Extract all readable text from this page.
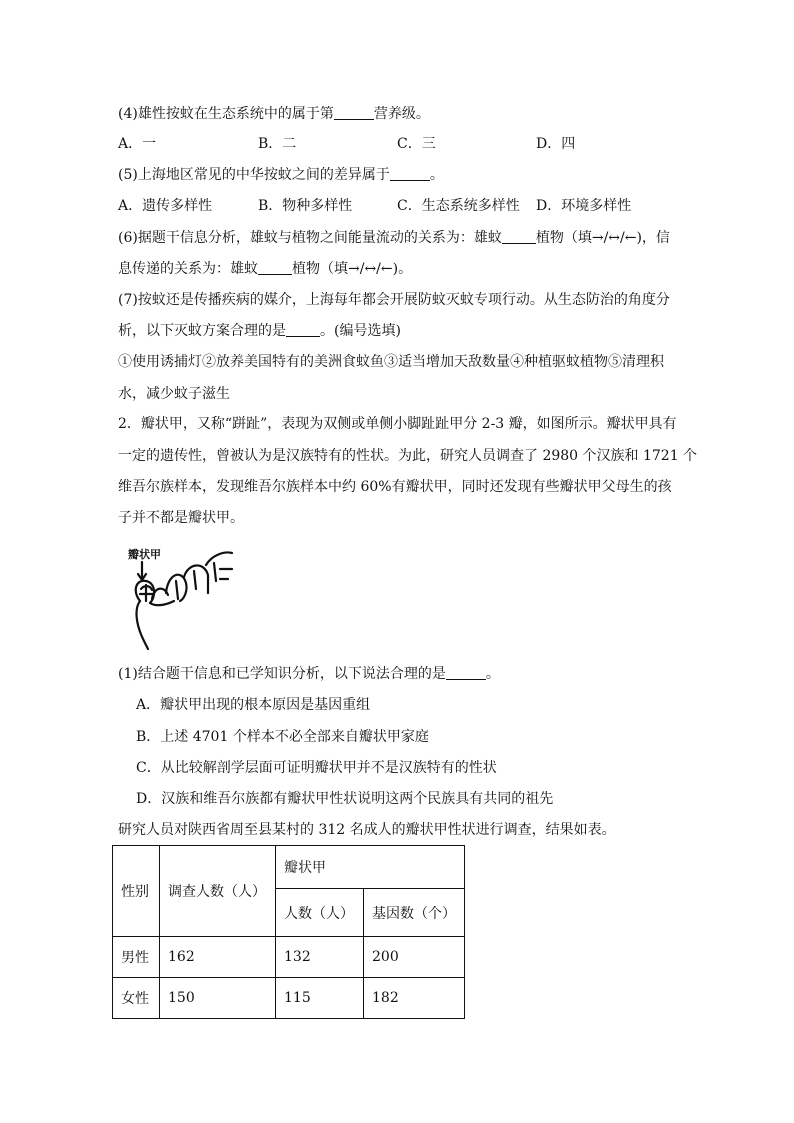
(4)雄性按蚊在生态系统中的属于第	营养级。
A．一	B．二	C．三	D．四
(5)上海地区常见的中华按蚊之间的差异属于	。
A．遗传多样性	B．物种多样性	C．生态系统多样性 D．环境多样性
(6)据题干信息分析，雄蚊与植物之间能量流动的关系为：雄蚊 植物（填→/↔/←)，信
息传递的关系为：雄蚊 植物（填→/↔/←)。
(7)按蚊还是传播疾病的媒介，上海每年都会开展防蚊灭蚊专项行动。从生态防治的角度分
析，以下灭蚊方案合理的是 。(编号选填)
①使用诱捕灯②放养美国特有的美洲食蚊鱼③适当增加天敌数量④种植驱蚊植物⑤清理积
水，减少蚊子滋生
2．瓣状甲，又称“跰趾”，表现为双侧或单侧小脚趾趾甲分 2-3 瓣，如图所示。瓣状甲具有
一定的遗传性，曾被认为是汉族特有的性状。为此，研究人员调查了 2980 个汉族和 1721 个
维吾尔族样本，发现维吾尔族样本中约 60%有瓣状甲，同时还发现有些瓣状甲父母生的孩
子并不都是瓣状甲。
瓣状甲
(1)结合题干信息和已学知识分析，以下说法合理的是	。
A．瓣状甲出现的根本原因是基因重组
B．上述 4701 个样本不必全部来自瓣状甲家庭
C．从比较解剖学层面可证明瓣状甲并不是汉族特有的性状
D．汉族和维吾尔族都有瓣状甲性状说明这两个民族具有共同的祖先
研究人员对陕西省周至县某村的 312 名成人的瓣状甲性状进行调查，结果如表。
性别	调查人数（人）	瓣状甲	
		人数（人）	基因数（个）
男性	162	132	200
女性	150	115	182
